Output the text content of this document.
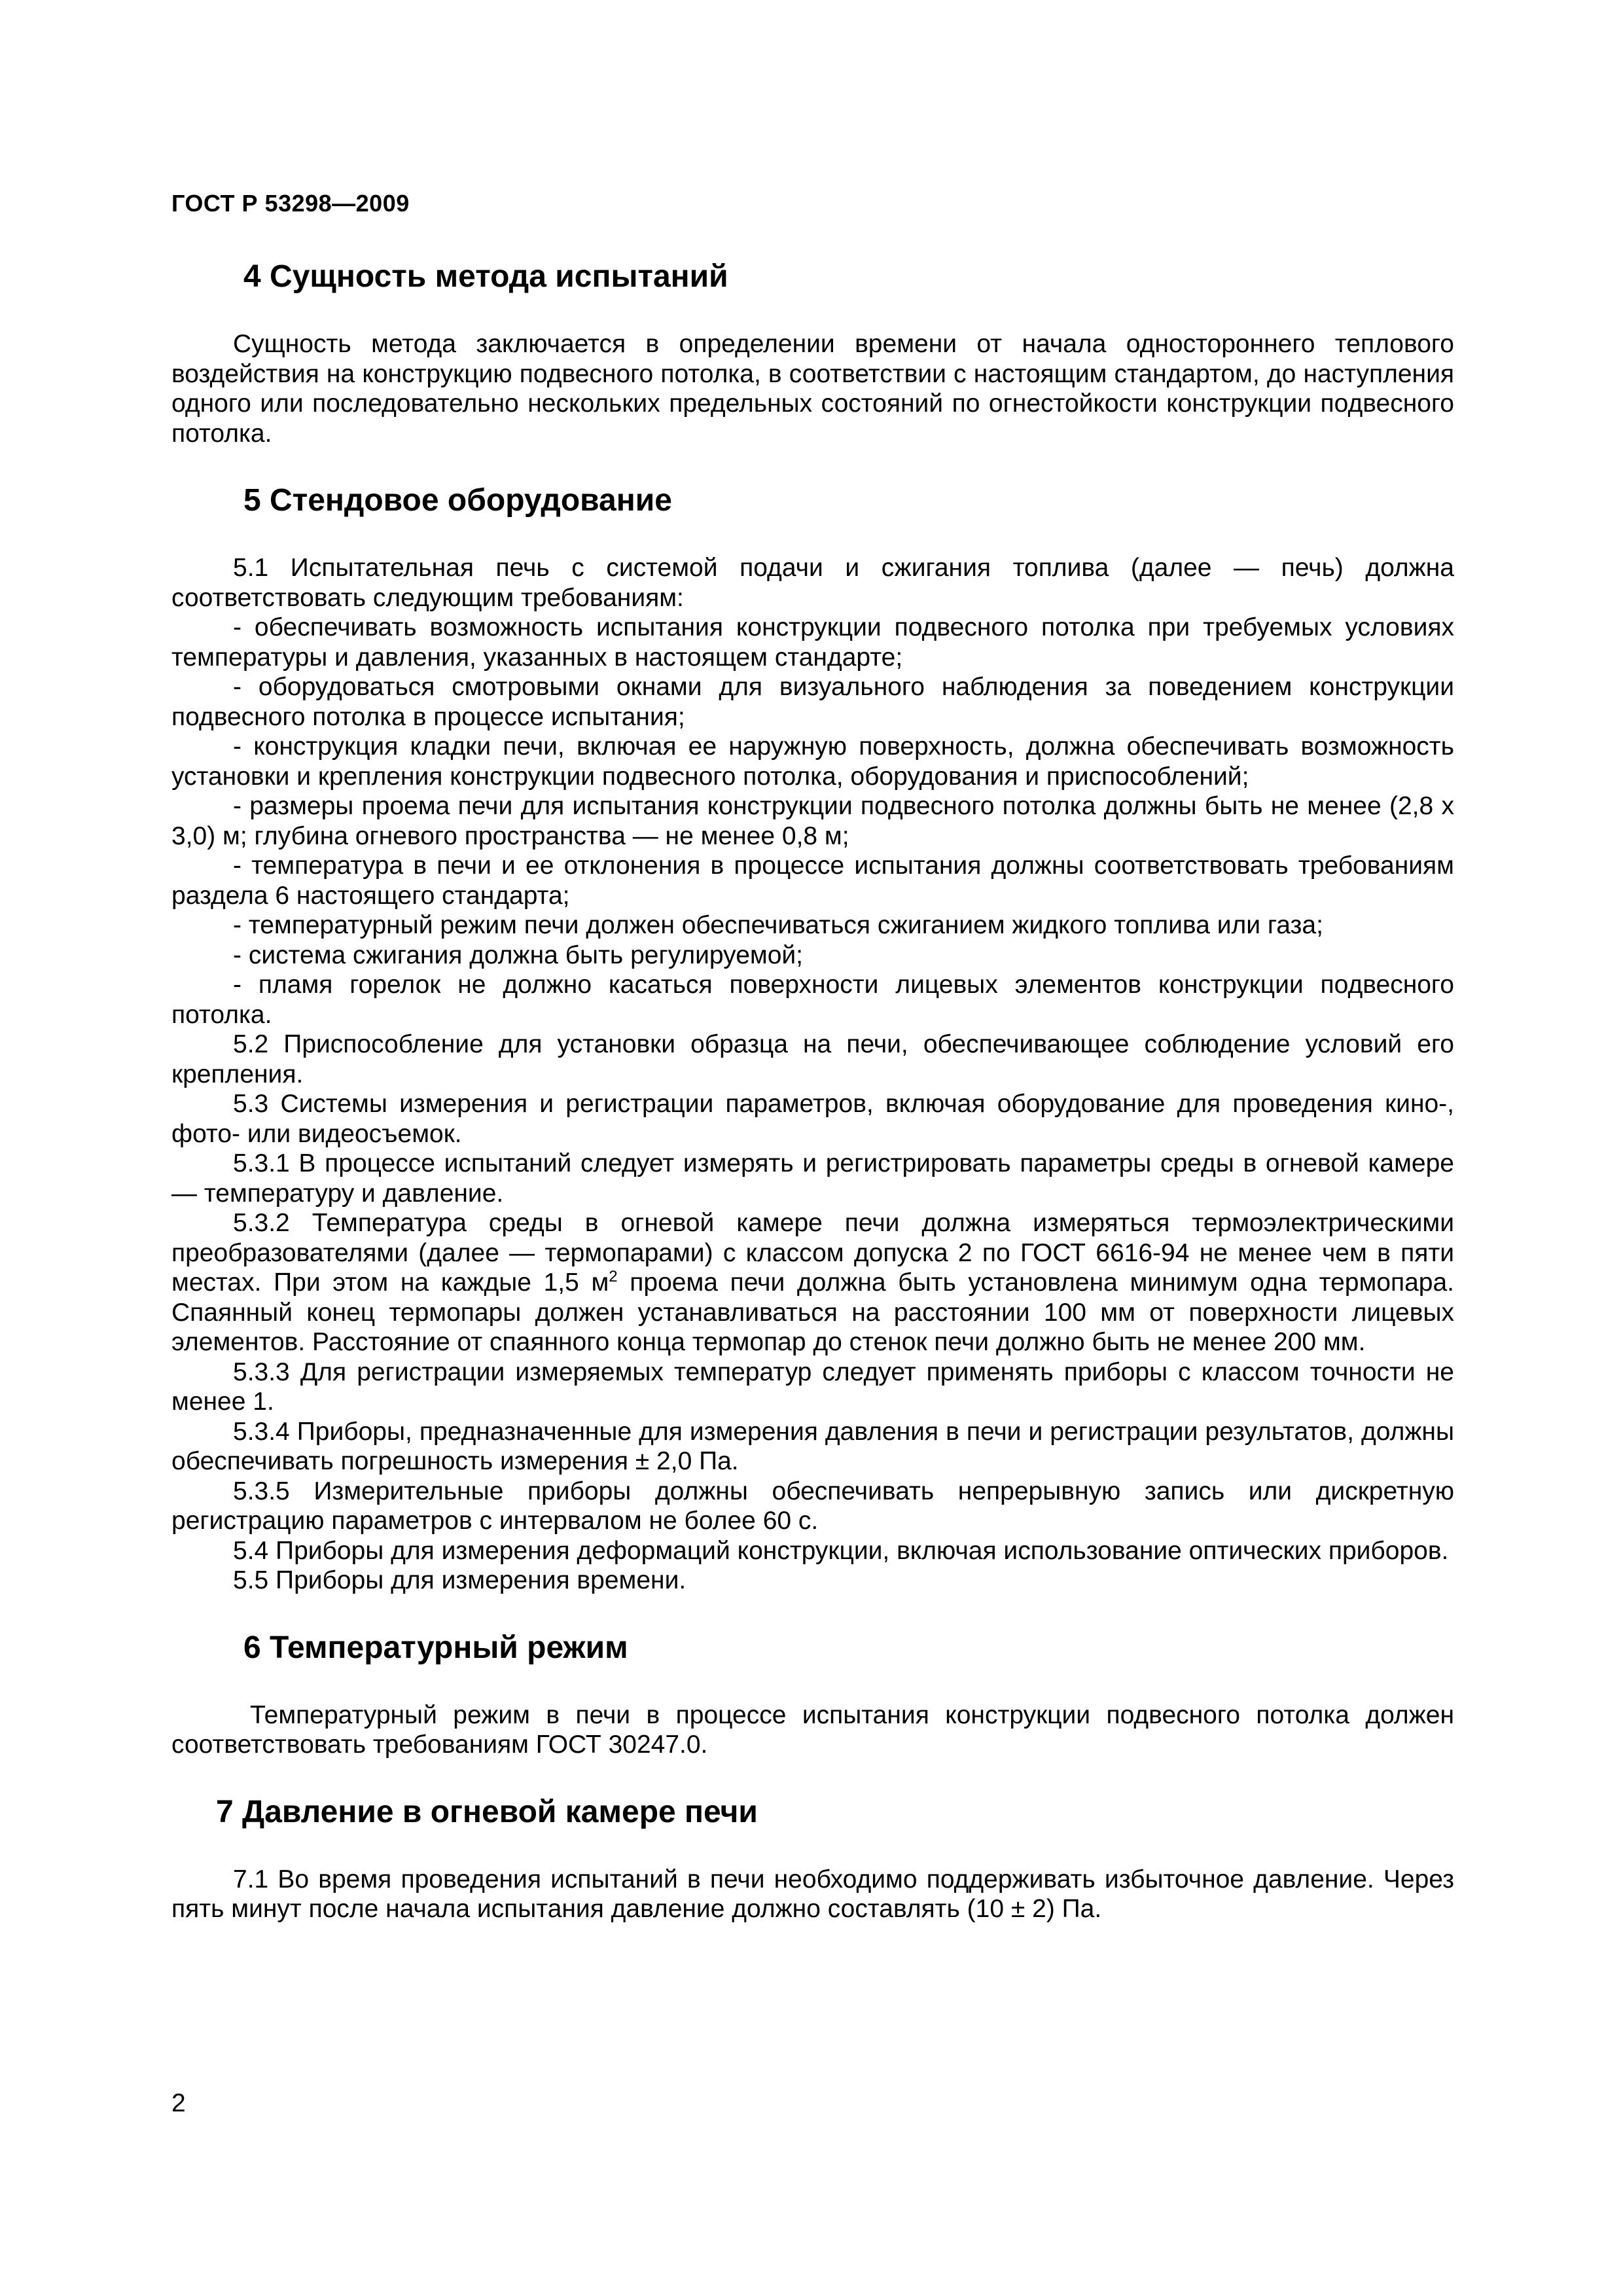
ГОСТ Р 53298—2009
4 Сущность метода испытаний

Сущность метода заключается в определении времени от начала одностороннего теплового воздействия на конструкцию подвесного потолка, в соответствии с настоящим стандартом, до наступления одного или последовательно нескольких предельных состояний по огнестойкости конструкции подвесного потолка.

5 Стендовое оборудование

5.1 Испытательная печь с системой подачи и сжигания топлива (далее — печь) должна соответствовать следующим требованиям:

- обеспечивать возможность испытания конструкции подвесного потолка при требуемых условиях температуры и давления, указанных в настоящем стандарте;

- оборудоваться смотровыми окнами для визуального наблюдения за поведением конструкции подвесного потолка в процессе испытания;

- конструкция кладки печи, включая ее наружную поверхность, должна обеспечивать возможность установки и крепления конструкции подвесного потолка, оборудования и приспособлений;

- размеры проема печи для испытания конструкции подвесного потолка должны быть не менее (2,8 x 3,0) м; глубина огневого пространства — не менее 0,8 м;

- температура в печи и ее отклонения в процессе испытания должны соответствовать требованиям раздела 6 настоящего стандарта;

- температурный режим печи должен обеспечиваться сжиганием жидкого топлива или газа;

- система сжигания должна быть регулируемой;

- пламя горелок не должно касаться поверхности лицевых элементов конструкции подвесного потолка.

5.2 Приспособление для установки образца на печи, обеспечивающее соблюдение условий его крепления.

5.3 Системы измерения и регистрации параметров, включая оборудование для проведения кино-, фото- или видеосъемок.

5.3.1 В процессе испытаний следует измерять и регистрировать параметры среды в огневой камере — температуру и давление.

5.3.2 Температура среды в огневой камере печи должна измеряться термоэлектрическими преобразователями (далее — термопарами) с классом допуска 2 по ГОСТ 6616-94 не менее чем в пяти местах. При этом на каждые 1,5 $м^2$ проема печи должна быть установлена минимум одна термопара. Спаянный конец термопары должен устанавливаться на расстоянии 100 мм от поверхности лицевых элементов. Расстояние от спаянного конца термопар до стенок печи должно быть не менее 200 мм.

5.3.3 Для регистрации измеряемых температур следует применять приборы с классом точности не менее 1.

5.3.4 Приборы, предназначенные для измерения давления в печи и регистрации результатов, должны обеспечивать погрешность измерения ± 2,0 Па.

5.3.5 Измерительные приборы должны обеспечивать непрерывную запись или дискретную регистрацию параметров с интервалом не более 60 с.

5.4 Приборы для измерения деформаций конструкции, включая использование оптических приборов.

5.5 Приборы для измерения времени.

6 Температурный режим

Температурный режим в печи в процессе испытания конструкции подвесного потолка должен соответствовать требованиям ГОСТ 30247.0.

7 Давление в огневой камере печи

7.1 Во время проведения испытаний в печи необходимо поддерживать избыточное давление. Через пять минут после начала испытания давление должно составлять (10 ± 2) Па.

2
